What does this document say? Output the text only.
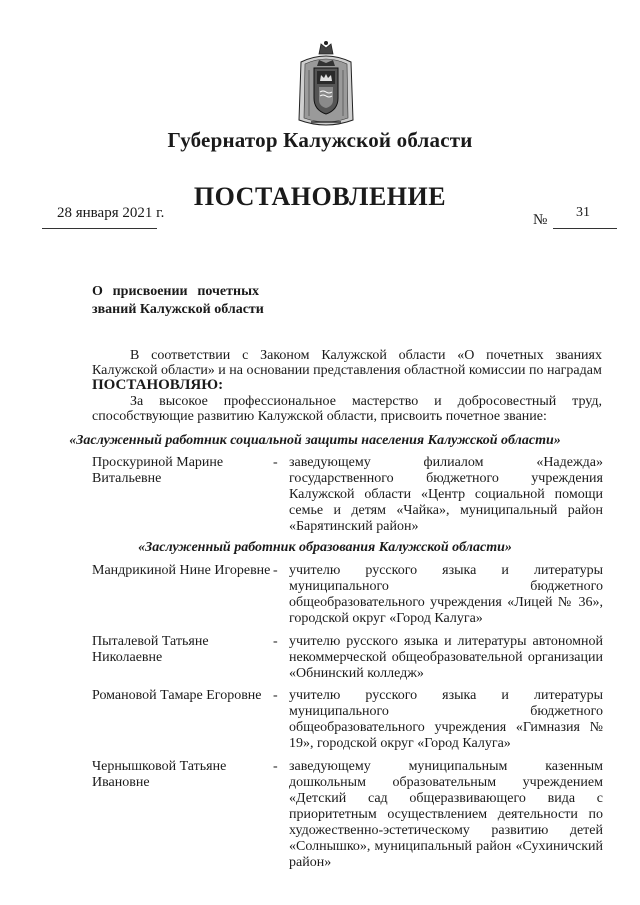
Губернатор Калужской области
ПОСТАНОВЛЕНИЕ
28 января 2021 г.	№	31
О присвоении почетных
званий Калужской области
В соответствии с Законом Калужской области «О почетных званиях Калужской области» и на основании представления областной комиссии по наградам
ПОСТАНОВЛЯЮ:
За высокое профессиональное мастерство и добросовестный труд, способствующие развитию Калужской области, присвоить почетное звание:
«Заслуженный работник социальной защиты населения Калужской области»
Проскуриной Марине Витальевне
- заведующему филиалом «Надежда» государственного бюджетного учреждения Калужской области «Центр социальной помощи семье и детям «Чайка», муниципальный район «Барятинский район»
«Заслуженный работник образования Калужской области»
Мандрикиной Нине Игоревне - учителю русского языка и литературы муниципального бюджетного общеобразовательного учреждения «Лицей № 36», городской округ «Город Калуга»
Пыталевой Татьяне Николаевне
- учителю русского языка и литературы автономной некоммерческой общеобразовательной организации «Обнинский колледж»
Романовой Тамаре Егоровне - учителю русского языка и литературы муниципального бюджетного общеобразовательного учреждения «Гимназия № 19», городской округ «Город Калуга»
Чернышковой Татьяне Ивановне
- заведующему муниципальным казенным дошкольным образовательным учреждением «Детский сад общеразвивающего вида с приоритетным осуществлением деятельности по художественно-эстетическому развитию детей «Солнышко», муниципальный район «Сухиничский район»
